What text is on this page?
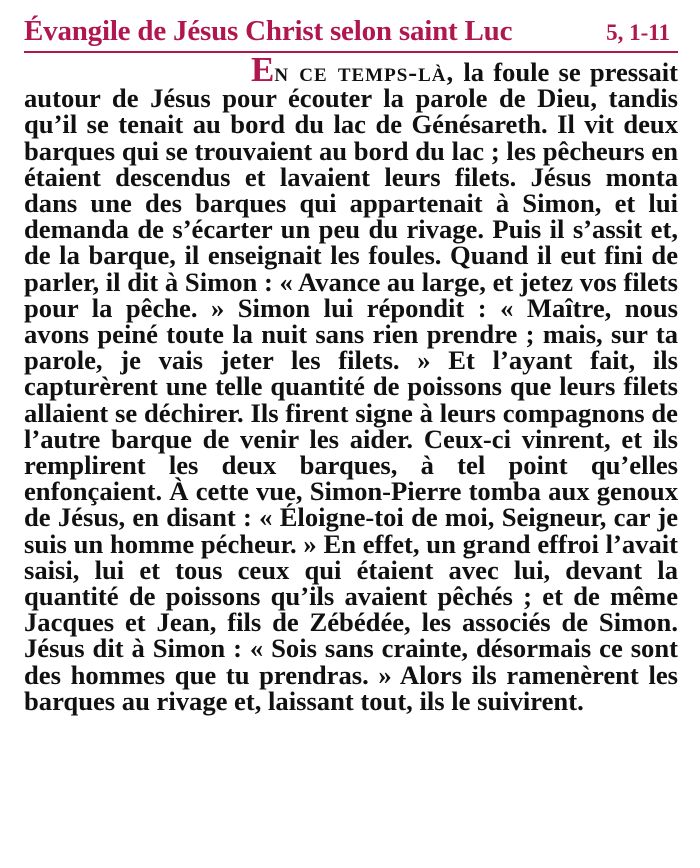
Évangile de Jésus Christ selon saint Luc	5, 1-11

En ce temps-là, la foule se pressait autour de Jésus pour écouter la parole de Dieu, tandis qu’il se tenait au bord du lac de Génésareth. Il vit deux barques qui se trouvaient au bord du lac ; les pêcheurs en étaient descendus et lavaient leurs filets. Jésus monta dans une des barques qui appartenait à Simon, et lui demanda de s’écarter un peu du rivage. Puis il s’assit et, de la barque, il enseignait les foules. Quand il eut fini de parler, il dit à Simon : « Avance au large, et jetez vos filets pour la pêche. » Simon lui répondit : « Maître, nous avons peiné toute la nuit sans rien prendre ; mais, sur ta parole, je vais jeter les filets. » Et l’ayant fait, ils capturèrent une telle quantité de poissons que leurs filets allaient se déchirer. Ils firent signe à leurs compagnons de l’autre barque de venir les aider. Ceux-ci vinrent, et ils remplirent les deux barques, à tel point qu’elles enfonçaient. À cette vue, Simon-Pierre tomba aux genoux de Jésus, en disant : « Éloigne-toi de moi, Seigneur, car je suis un homme pécheur. » En effet, un grand effroi l’avait saisi, lui et tous ceux qui étaient avec lui, devant la quantité de poissons qu’ils avaient pêchés ; et de même Jacques et Jean, fils de Zébédée, les associés de Simon. Jésus dit à Simon : « Sois sans crainte, désormais ce sont des hommes que tu prendras. » Alors ils ramenèrent les barques au rivage et, laissant tout, ils le suivirent.
